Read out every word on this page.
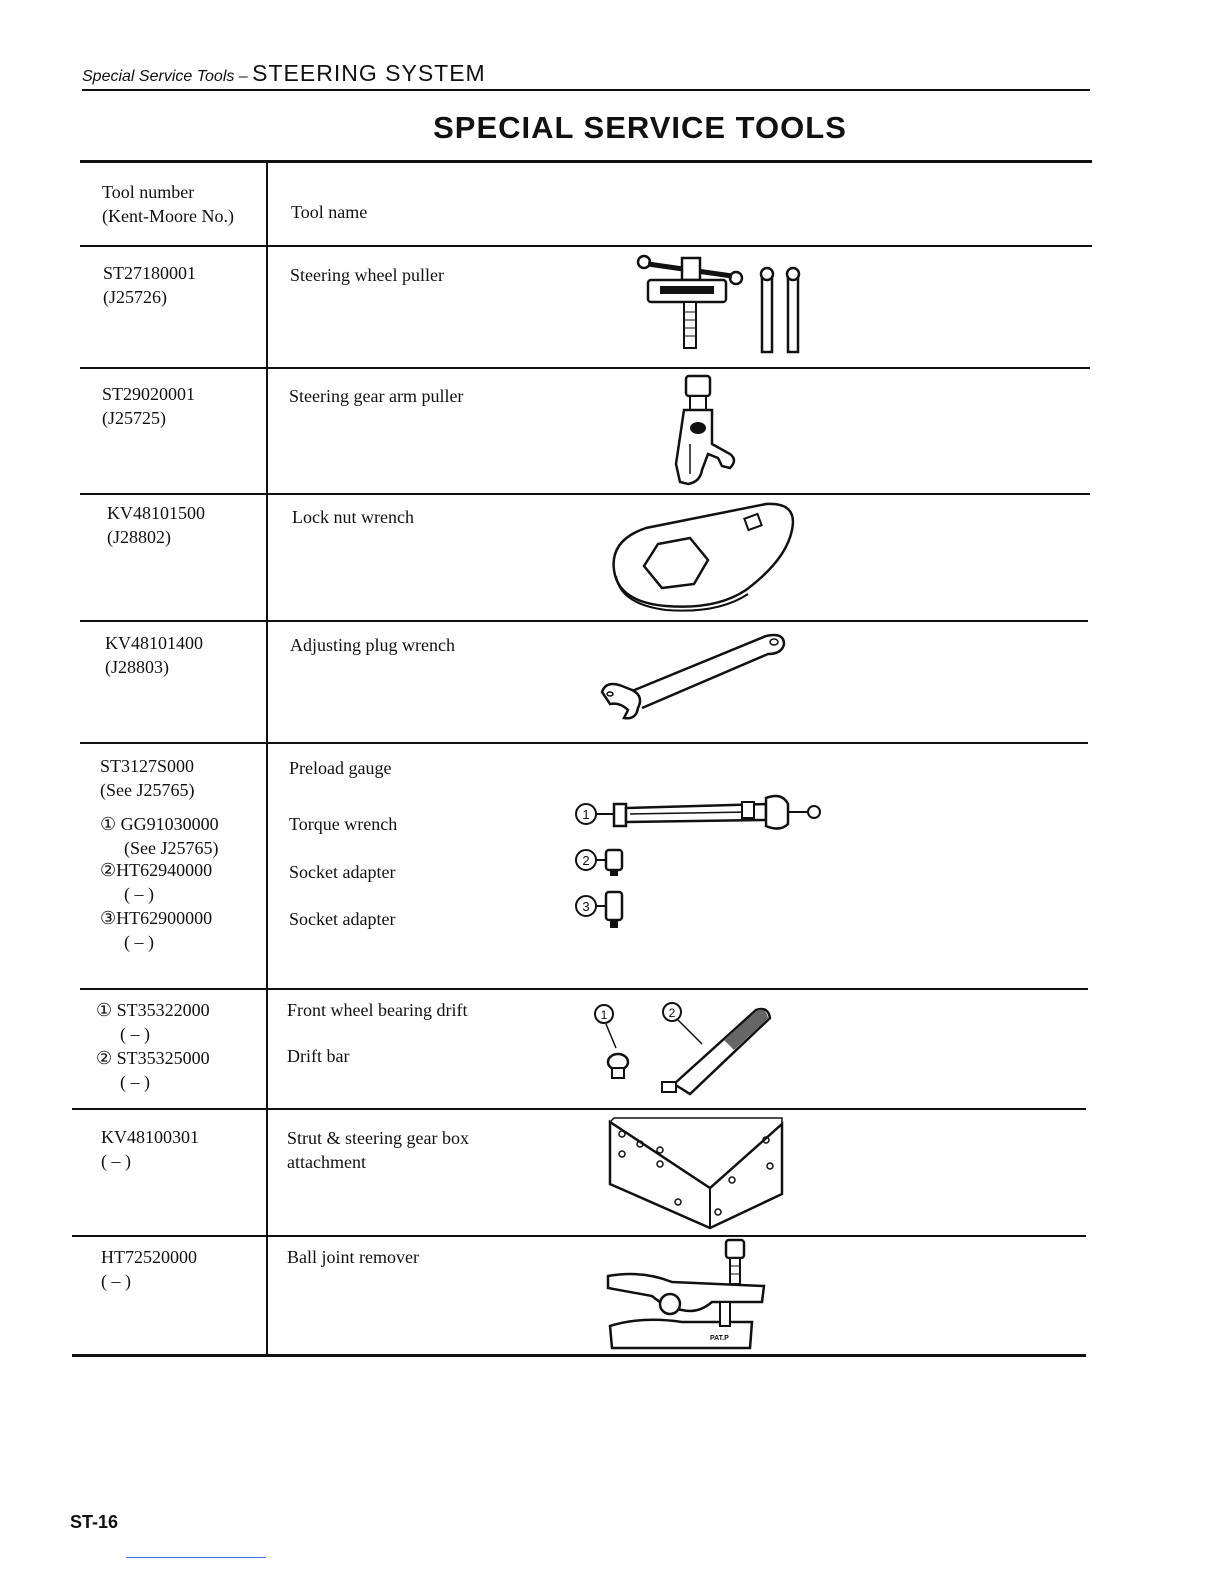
Special Service Tools – STEERING SYSTEM
SPECIAL SERVICE TOOLS
Tool number
(Kent-Moore No.)	Tool name
ST27180001
(J25726)
Steering wheel puller
ST29020001
(J25725)
Steering gear arm puller
KV48101500
(J28802)
Lock nut wrench
KV48101400
(J28803)
Adjusting plug wrench
ST3127S000
(See J25765)
Preload gauge
① GG91030000
(See J25765)
Torque wrench
②HT62940000
( – )
Socket adapter
③HT62900000
( – )
Socket adapter
1
2
3
① ST35322000
( – )
Front wheel bearing drift
② ST35325000
( – )
Drift bar
1	2
KV48100301
( – )
Strut & steering gear box
attachment
HT72520000
( – )
Ball joint remover
PAT.P
ST-16
